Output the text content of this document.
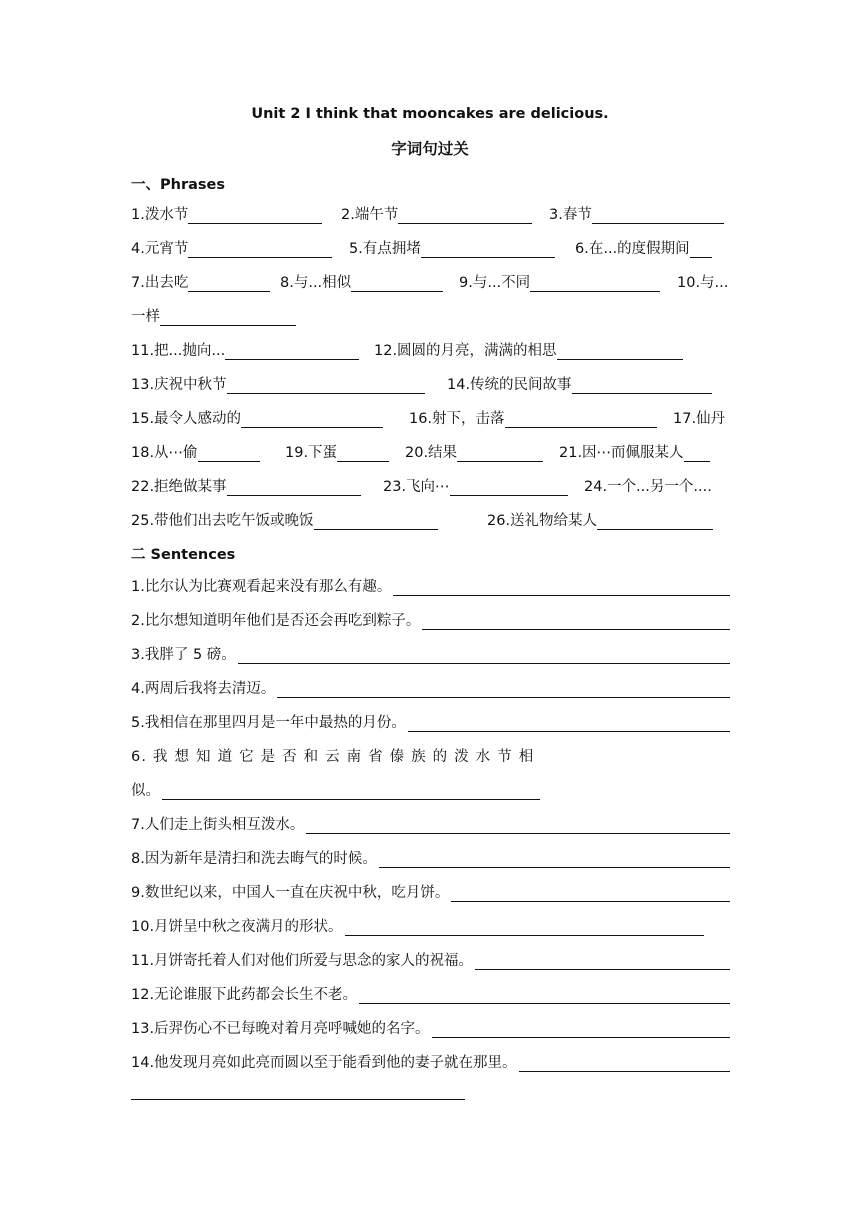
Unit 2 I think that mooncakes are delicious.
字词句过关
一、Phrases
1.泼水节	2.端午节	3.春节
4.元宵节	5.有点拥堵	6.在...的度假期间
7.出去吃	8.与...相似	9.与...不同	10.与...
一样
11.把...抛向...	12.圆圆的月亮，满满的相思
13.庆祝中秋节	14.传统的民间故事
15.最令人感动的	16.射下，击落	17.仙丹
18.从⋯偷	19.下蛋	20.结果	21.因⋯而佩服某人
22.拒绝做某事	23.飞向⋯	24.一个...另一个....
25.带他们出去吃午饭或晚饭	26.送礼物给某人
二 Sentences
1.比尔认为比赛观看起来没有那么有趣。
2.比尔想知道明年他们是否还会再吃到粽子。
3.我胖了 5 磅。
4.两周后我将去清迈。
5.我相信在那里四月是一年中最热的月份。
6. 我 想 知 道 它 是 否 和 云 南 省 傣 族 的 泼 水 节 相
似。
7.人们走上街头相互泼水。
8.因为新年是清扫和洗去晦气的时候。
9.数世纪以来，中国人一直在庆祝中秋，吃月饼。
10.月饼呈中秋之夜满月的形状。
11.月饼寄托着人们对他们所爱与思念的家人的祝福。
12.无论谁服下此药都会长生不老。
13.后羿伤心不已每晚对着月亮呼喊她的名字。
14.他发现月亮如此亮而圆以至于能看到他的妻子就在那里。
